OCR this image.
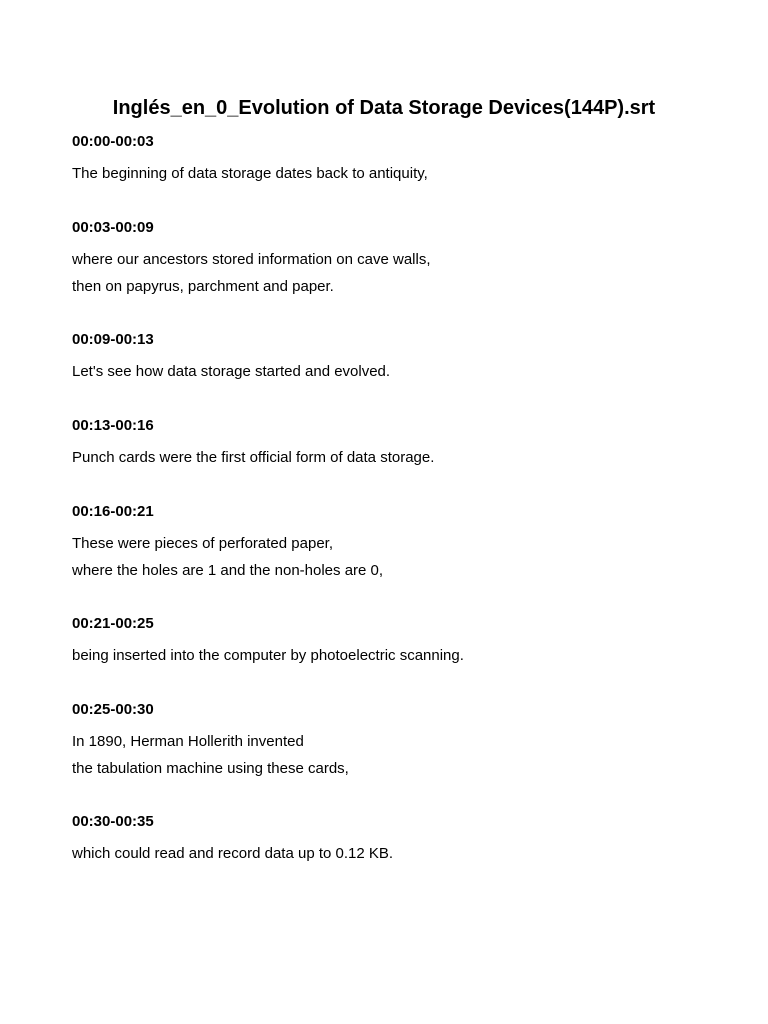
Inglés_en_0_Evolution of Data Storage Devices(144P).srt
00:00-00:03
The beginning of data storage dates back to antiquity,
00:03-00:09
where our ancestors stored information on cave walls,
then on papyrus, parchment and paper.
00:09-00:13
Let's see how data storage started and evolved.
00:13-00:16
Punch cards were the first official form of data storage.
00:16-00:21
These were pieces of perforated paper,
where the holes are 1 and the non-holes are 0,
00:21-00:25
being inserted into the computer by photoelectric scanning.
00:25-00:30
In 1890, Herman Hollerith invented
the tabulation machine using these cards,
00:30-00:35
which could read and record data up to 0.12 KB.
